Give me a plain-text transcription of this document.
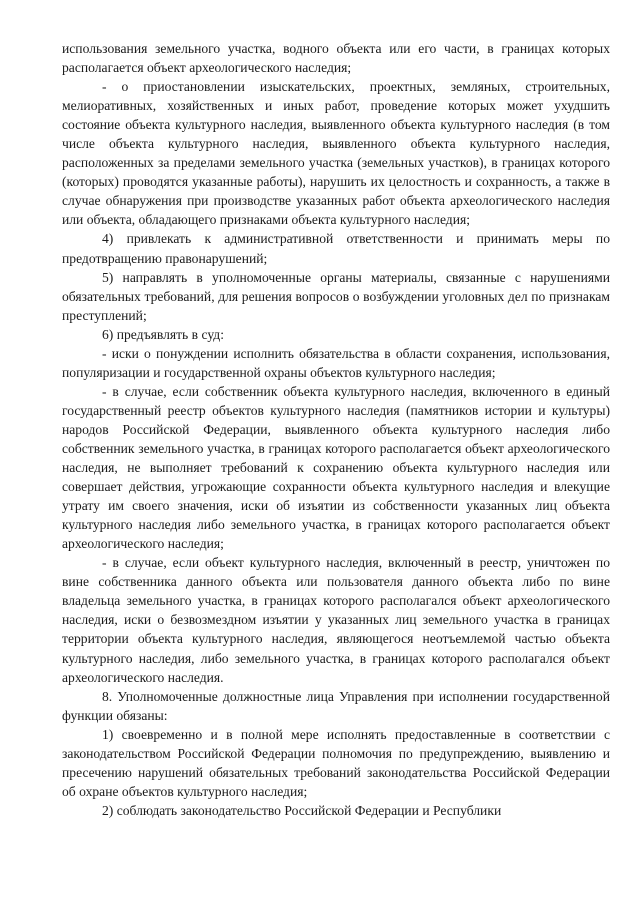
использования земельного участка, водного объекта или его части, в границах которых располагается объект археологического наследия;

- о приостановлении изыскательских, проектных, земляных, строительных, мелиоративных, хозяйственных и иных работ, проведение которых может ухудшить состояние объекта культурного наследия, выявленного объекта культурного наследия (в том числе объекта культурного наследия, выявленного объекта культурного наследия, расположенных за пределами земельного участка (земельных участков), в границах которого (которых) проводятся указанные работы), нарушить их целостность и сохранность, а также в случае обнаружения при производстве указанных работ объекта археологического наследия или объекта, обладающего признаками объекта культурного наследия;

4) привлекать к административной ответственности и принимать меры по предотвращению правонарушений;

5) направлять в уполномоченные органы материалы, связанные с нарушениями обязательных требований, для решения вопросов о возбуждении уголовных дел по признакам преступлений;

6) предъявлять в суд:

- иски о понуждении исполнить обязательства в области сохранения, использования, популяризации и государственной охраны объектов культурного наследия;

- в случае, если собственник объекта культурного наследия, включенного в единый государственный реестр объектов культурного наследия (памятников истории и культуры) народов Российской Федерации, выявленного объекта культурного наследия либо собственник земельного участка, в границах которого располагается объект археологического наследия, не выполняет требований к сохранению объекта культурного наследия или совершает действия, угрожающие сохранности объекта культурного наследия и влекущие утрату им своего значения, иски об изъятии из собственности указанных лиц объекта культурного наследия либо земельного участка, в границах которого располагается объект археологического наследия;

- в случае, если объект культурного наследия, включенный в реестр, уничтожен по вине собственника данного объекта или пользователя данного объекта либо по вине владельца земельного участка, в границах которого располагался объект археологического наследия, иски о безвозмездном изъятии у указанных лиц земельного участка в границах территории объекта культурного наследия, являющегося неотъемлемой частью объекта культурного наследия, либо земельного участка, в границах которого располагался объект археологического наследия.

8. Уполномоченные должностные лица Управления при исполнении государственной функции обязаны:

1) своевременно и в полной мере исполнять предоставленные в соответствии с законодательством Российской Федерации полномочия по предупреждению, выявлению и пресечению нарушений обязательных требований законодательства Российской Федерации об охране объектов культурного наследия;

2) соблюдать законодательство Российской Федерации и Республики
